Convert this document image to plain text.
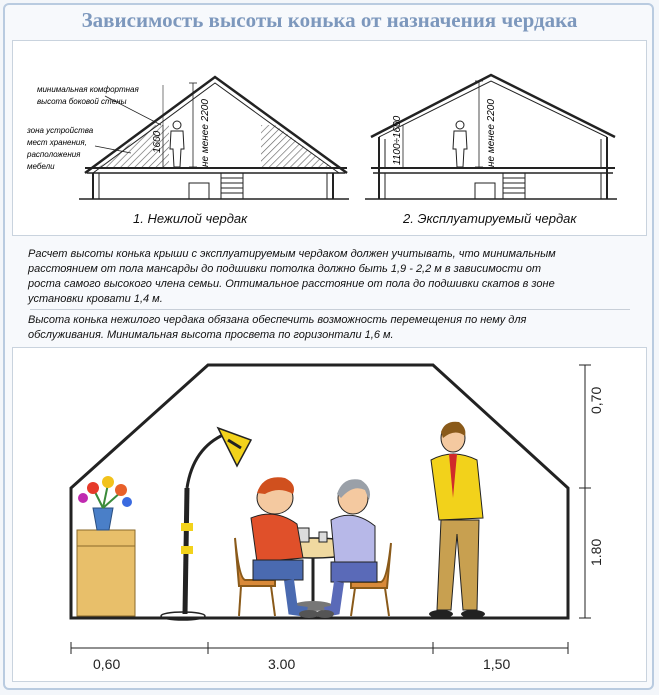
Зависимость высоты конька от назначения чердака
не менее 2200
1600
минимальная комфортная
высота боковой стены
зона устройства
мест хранения,
расположения
мебели	не менее 2200
1100÷1600
1. Нежилой чердак	2. Эксплуатируемый чердак
Расчет высоты конька крыши с эксплуатируемым чердаком должен учитывать, что минимальным
расстоянием от пола мансарды до подшивки потолка должно быть 1,9 - 2,2 м в зависимости от
роста самого высокого члена семьи. Оптимальное расстояние от пола до подшивки скатов в зоне
установки кровати 1,4 м.
Высота конька нежилого чердака обязана обеспечить возможность перемещения по нему для
обслуживания. Минимальная высота просвета по горизонтали 1,6 м.
0,70
1.80
0,60	3.00	1,50
